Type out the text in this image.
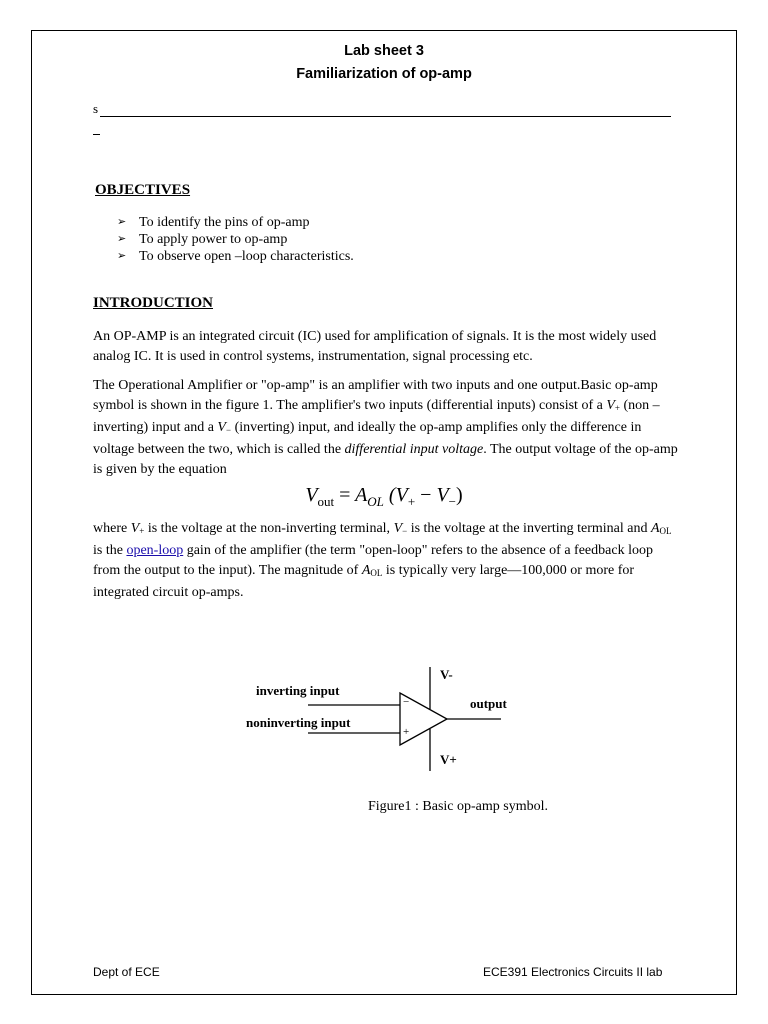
Lab sheet 3
Familiarization of op-amp
s
OBJECTIVES
➢ To identify the pins of op-amp
➢ To apply power to op-amp
➢ To observe open –loop characteristics.
INTRODUCTION

An OP-AMP is an integrated circuit (IC) used for amplification of signals. It is the most widely used analog IC. It is used in control systems, instrumentation, signal processing etc.

The Operational Amplifier or "op-amp" is an amplifier with two inputs and one output.Basic op-amp symbol is shown in the figure 1. The amplifier's two inputs (differential inputs) consist of a $V_+$ (non –inverting) input and a $V_-$ (inverting) input, and ideally the op-amp amplifies only the difference in voltage between the two, which is called the differential input voltage. The output voltage of the op-amp is given by the equation

$V_{out} = A_{OL}$ $(V_+ - V_-)$

where $V_+$ is the voltage at the non-inverting terminal, $V_-$ is the voltage at the inverting terminal and $A_{OL}$ is the open-loop gain of the amplifier (the term "open-loop" refers to the absence of a feedback loop from the output to the input). The magnitude of $A_{OL}$ is typically very large—100,000 or more for integrated circuit op-amps.

V-
V+
inverting input
noninverting input
output
−
+
Figure1 : Basic op-amp symbol.
Dept of ECE	ECE391 Electronics Circuits II lab
